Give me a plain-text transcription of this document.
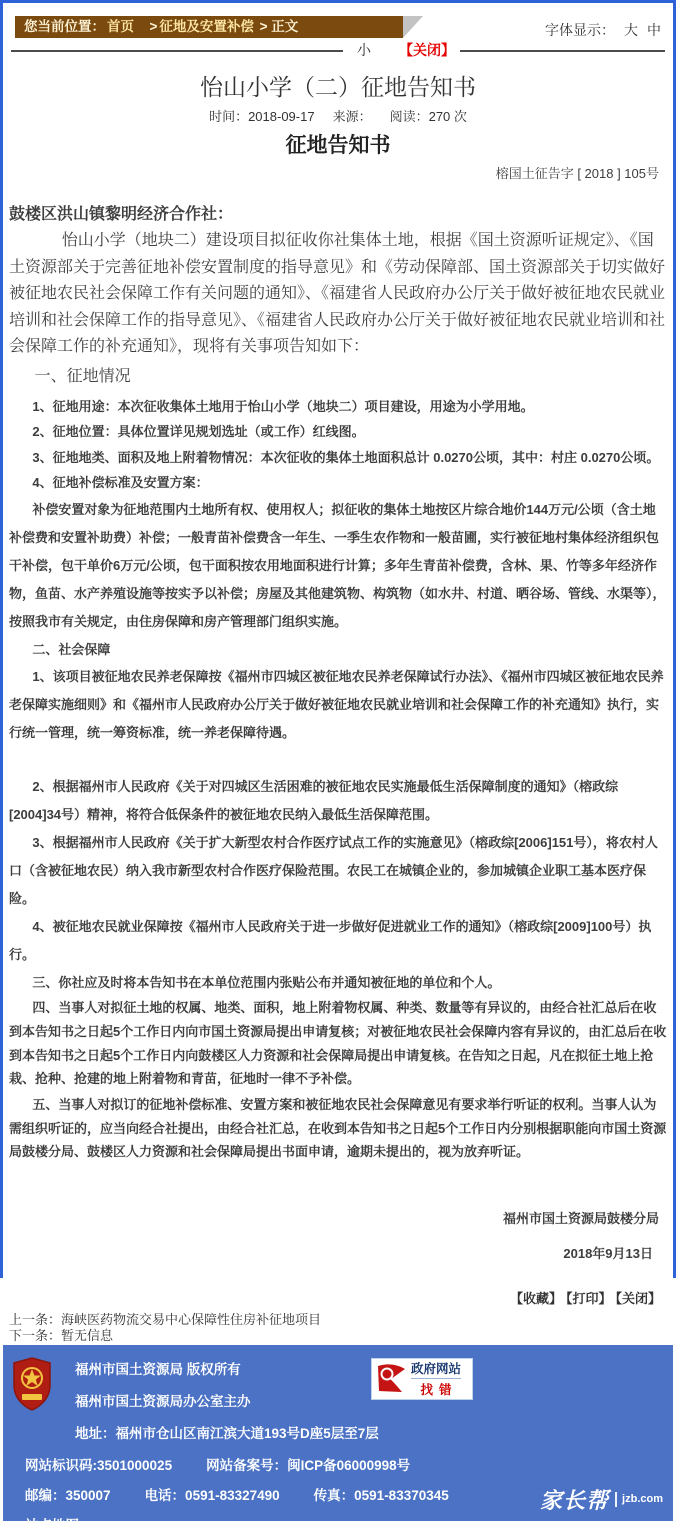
您当前位置： 首页　> 征地及安置补偿 > 正文	字体显示： 大 中
小 【关闭】
怡山小学（二）征地告知书
时间：2018-09-17 来源： 阅读：270 次
征地告知书
榕国土征告字 [ 2018 ] 105号

鼓楼区洪山镇黎明经济合作社：

怡山小学（地块二）建设项目拟征收你社集体土地，根据《国土资源听证规定》、《国土资源部关于完善征地补偿安置制度的指导意见》和《劳动保障部、国土资源部关于切实做好被征地农民社会保障工作有关问题的通知》、《福建省人民政府办公厅关于做好被征地农民就业培训和社会保障工作的指导意见》、《福建省人民政府办公厅关于做好被征地农民就业培训和社会保障工作的补充通知》，现将有关事项告知如下：

一、征地情况

1、征地用途：本次征收集体土地用于怡山小学（地块二）项目建设，用途为小学用地。

2、征地位置：具体位置详见规划选址（或工作）红线图。

3、征地地类、面积及地上附着物情况：本次征收的集体土地面积总计 0.0270公顷，其中：村庄 0.0270公顷。

4、征地补偿标准及安置方案：

补偿安置对象为征地范围内土地所有权、使用权人；拟征收的集体土地按区片综合地价144万元/公顷（含土地补偿费和安置补助费）补偿；一般青苗补偿费含一年生、一季生农作物和一般苗圃，实行被征地村集体经济组织包干补偿，包干单价6万元/公顷，包干面积按农用地面积进行计算；多年生青苗补偿费，含林、果、竹等多年经济作物，鱼苗、水产养殖设施等按实予以补偿；房屋及其他建筑物、构筑物（如水井、村道、晒谷场、管线、水渠等），按照我市有关规定，由住房保障和房产管理部门组织实施。

二、社会保障

1、该项目被征地农民养老保障按《福州市四城区被征地农民养老保障试行办法》、《福州市四城区被征地农民养老保障实施细则》和《福州市人民政府办公厅关于做好被征地农民就业培训和社会保障工作的补充通知》执行，实行统一管理，统一筹资标准，统一养老保障待遇。

2、根据福州市人民政府《关于对四城区生活困难的被征地农民实施最低生活保障制度的通知》（榕政综[2004]34号）精神，将符合低保条件的被征地农民纳入最低生活保障范围。

3、根据福州市人民政府《关于扩大新型农村合作医疗试点工作的实施意见》（榕政综[2006]151号），将农村人口（含被征地农民）纳入我市新型农村合作医疗保险范围。农民工在城镇企业的，参加城镇企业职工基本医疗保险。

4、被征地农民就业保障按《福州市人民政府关于进一步做好促进就业工作的通知》（榕政综[2009]100号）执行。

三、你社应及时将本告知书在本单位范围内张贴公布并通知被征地的单位和个人。

四、当事人对拟征土地的权属、地类、面积，地上附着物权属、种类、数量等有异议的，由经合社汇总后在收到本告知书之日起5个工作日内向市国土资源局提出申请复核；对被征地农民社会保障内容有异议的，由汇总后在收到本告知书之日起5个工作日内向鼓楼区人力资源和社会保障局提出申请复核。在告知之日起，凡在拟征土地上抢栽、抢种、抢建的地上附着物和青苗，征地时一律不予补偿。

五、当事人对拟订的征地补偿标准、安置方案和被征地农民社会保障意见有要求举行听证的权利。当事人认为需组织听证的，应当向经合社提出，由经合社汇总，在收到本告知书之日起5个工作日内分别根据职能向市国土资源局鼓楼分局、鼓楼区人力资源和社会保障局提出书面申请，逾期未提出的，视为放弃听证。

福州市国土资源局鼓楼分局
2018年9月13日
【收藏】 【打印】 【关闭】
上一条：海峡医药物流交易中心保障性住房补征地项目
下一条：暂无信息

福州市国土资源局 版权所有

福州市国土资源局办公室主办

地址：福州市仓山区南江滨大道193号D座5层至7层

政府网站
找错

网站标识码:3501000025	网站备案号：闽ICP备06000998号

邮编：350007	电话：0591-83327490	传真：0591-83370345

站点地图

家长帮 jzb.com
